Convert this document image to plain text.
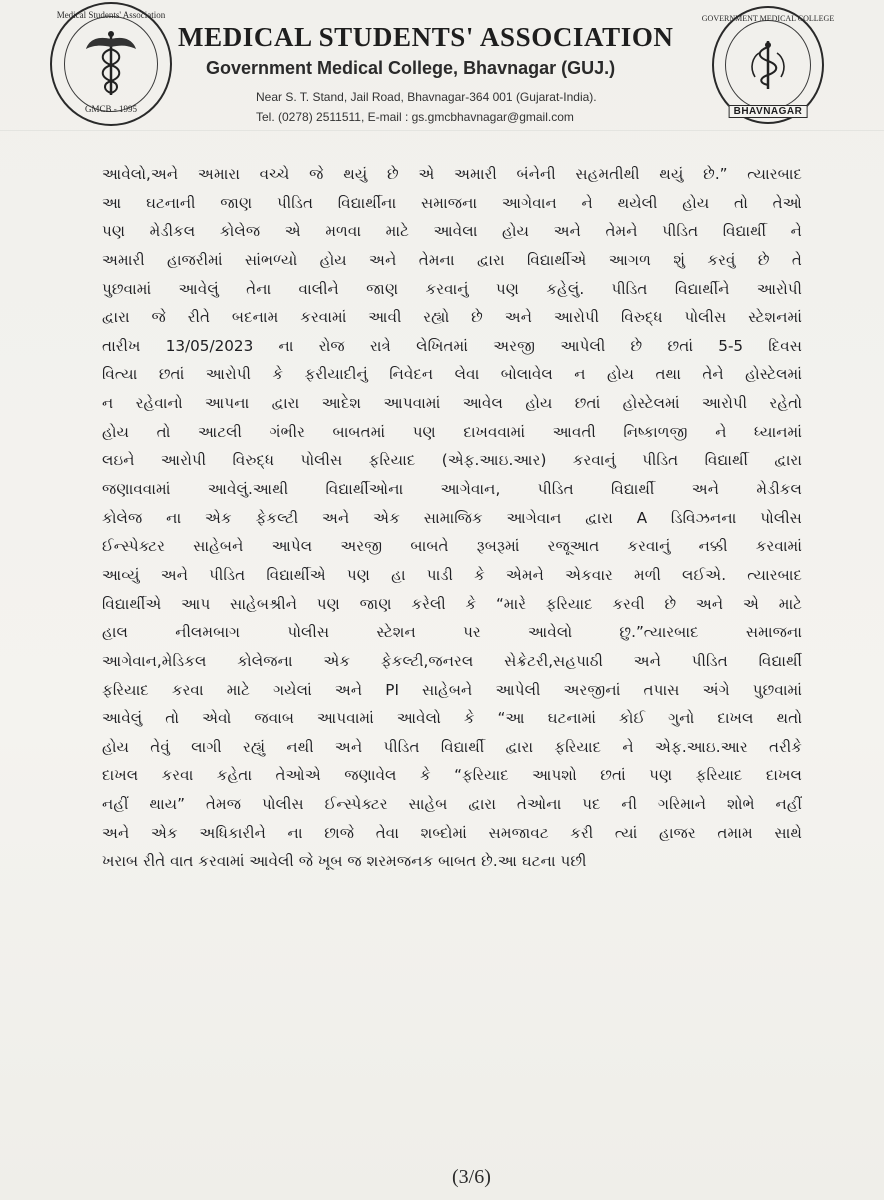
Medical Students' Association
GMCB - 1995
MEDICAL STUDENTS' ASSOCIATION
Government Medical College, Bhavnagar (GUJ.)
Near S. T. Stand, Jail Road, Bhavnagar-364 001 (Gujarat-India).
Tel. (0278) 2511511, E-mail : gs.gmcbhavnagar@gmail.com
GOVERNMENT MEDICAL COLLEGE
BHAVNAGAR
આવેલો,અને અમારા વચ્ચે જે થયું છે એ અમારી બંનેની સહમતીથી થયું છે.” ત્યારબાદ
આ ઘટનાની જાણ પીડિત વિદ્યાર્થીના સમાજના આગેવાન ને થયેલી હોય તો તેઓ
પણ મેડીકલ કોલેજ એ મળવા માટે આવેલા હોય અને તેમને પીડિત વિદ્યાર્થી ને
અમારી હાજરીમાં સાંભળ્યો હોય અને તેમના દ્વારા વિદ્યાર્થીએ આગળ શું કરવું છે તે
પુછવામાં આવેલું તેના વાલીને જાણ કરવાનું પણ કહેલું. પીડિત વિદ્યાર્થીને આરોપી
દ્વારા જે રીતે બદનામ કરવામાં આવી રહ્યો છે અને આરોપી વિરુદ્ધ પોલીસ સ્ટેશનમાં
તારીખ 13/05/2023 ના રોજ રાત્રે લેખિતમાં અરજી આપેલી છે છતાં 5-5 દિવસ
વિત્યા છતાં આરોપી કે ફરીયાદીનું નિવેદન લેવા બોલાવેલ ન હોય તથા તેને હોસ્ટેલમાં
ન રહેવાનો આપના દ્વારા આદેશ આપવામાં આવેલ હોય છતાં હોસ્ટેલમાં આરોપી રહેતો
હોય તો આટલી ગંભીર બાબતમાં પણ દાખવવામાં આવતી નિષ્કાળજી ને ધ્યાનમાં
લઇને આરોપી વિરુદ્ધ પોલીસ ફરિયાદ (એફ.આઇ.આર) કરવાનું પીડિત વિદ્યાર્થી દ્વારા
જણાવવામાં આવેલું.આથી વિદ્યાર્થીઓના આગેવાન, પીડિત વિદ્યાર્થી અને મેડીકલ
કોલેજ ના એક ફેકલ્ટી અને એક સામાજિક આગેવાન દ્વારા A ડિવિઝનના પોલીસ
ઈન્સ્પેક્ટર સાહેબને આપેલ અરજી બાબતે રૂબરૂમાં રજૂઆત કરવાનું નક્કી કરવામાં
આવ્યું અને પીડિત વિદ્યાર્થીએ પણ હા પાડી કે એમને એકવાર મળી લઈએ. ત્યારબાદ
વિદ્યાર્થીએ આપ સાહેબશ્રીને પણ જાણ કરેલી કે “મારે ફરિયાદ કરવી છે અને એ માટે
હાલ નીલમબાગ પોલીસ સ્ટેશન પર આવેલો છુ.”ત્યારબાદ સમાજના
આગેવાન,મેડિકલ કોલેજના એક ફેકલ્ટી,જનરલ સેક્રેટરી,સહપાઠી અને પીડિત વિદ્યાર્થી
ફરિયાદ કરવા માટે ગયેલાં અને PI સાહેબને આપેલી અરજીનાં તપાસ અંગે પુછવામાં
આવેલું તો એવો જવાબ આપવામાં આવેલો કે “આ ઘટનામાં કોઈ ગુનો દાખલ થતો
હોય તેવું લાગી રહ્યું નથી અને પીડિત વિદ્યાર્થી દ્વારા ફરિયાદ ને એફ.આઇ.આર તરીકે
દાખલ કરવા કહેતા તેઓએ જણાવેલ કે “ફરિયાદ આપશો છતાં પણ ફરિયાદ દાખલ
નહીં થાય” તેમજ પોલીસ ઈન્સ્પેક્ટર સાહેબ દ્વારા તેઓના પદ ની ગરિમાને શોભે નહીં
અને એક અધિકારીને ના છાજે તેવા શબ્દોમાં સમજાવટ કરી ત્યાં હાજર તમામ સાથે
ખરાબ રીતે વાત કરવામાં આવેલી જે ખૂબ જ શરમજનક બાબત છે.આ ઘટના પછી
(3/6)
